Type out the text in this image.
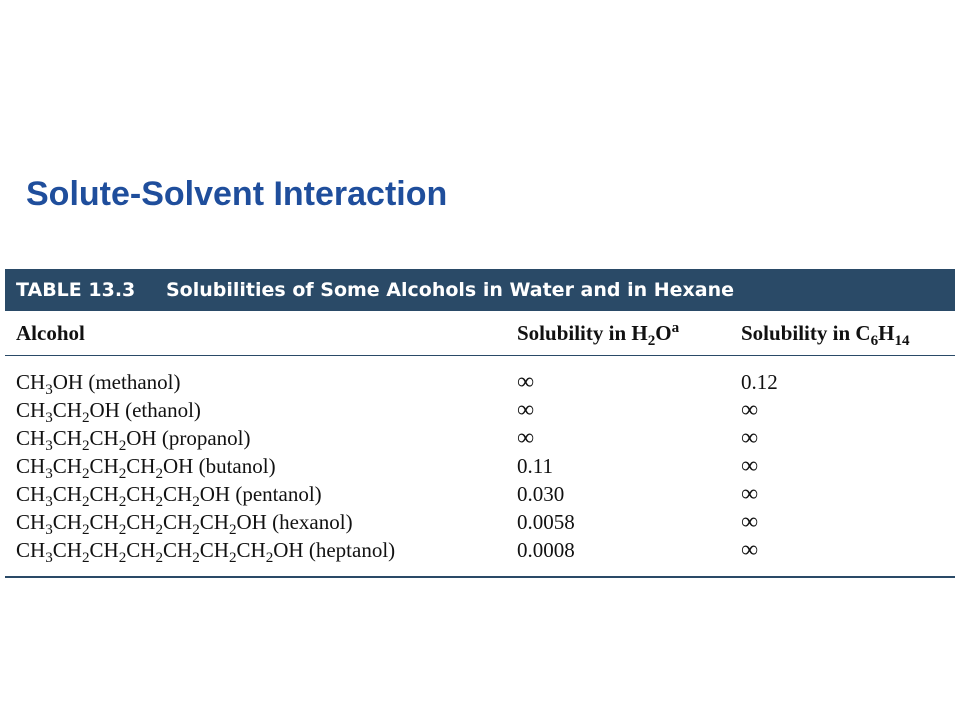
Solute-Solvent Interaction
TABLE 13.3 Solubilities of Some Alcohols in Water and in Hexane
Alcohol	Solubility in $H_2O^a$	Solubility in $C_6H_{14}$
$CH_3OH$ (methanol)	∞	0.12
$CH_3CH_2OH$ (ethanol)	∞	∞
$CH_3CH_2CH_2OH$ (propanol)	∞	∞
$CH_3CH_2CH_2CH_2OH$ (butanol)	0.11	∞
$CH_3CH_2CH_2CH_2CH_2OH$ (pentanol)	0.030	∞
$CH_3CH_2CH_2CH_2CH_2CH_2OH$ (hexanol)	0.0058	∞
$CH_3CH_2CH_2CH_2CH_2CH_2CH_2OH$ (heptanol)	0.0008	∞
